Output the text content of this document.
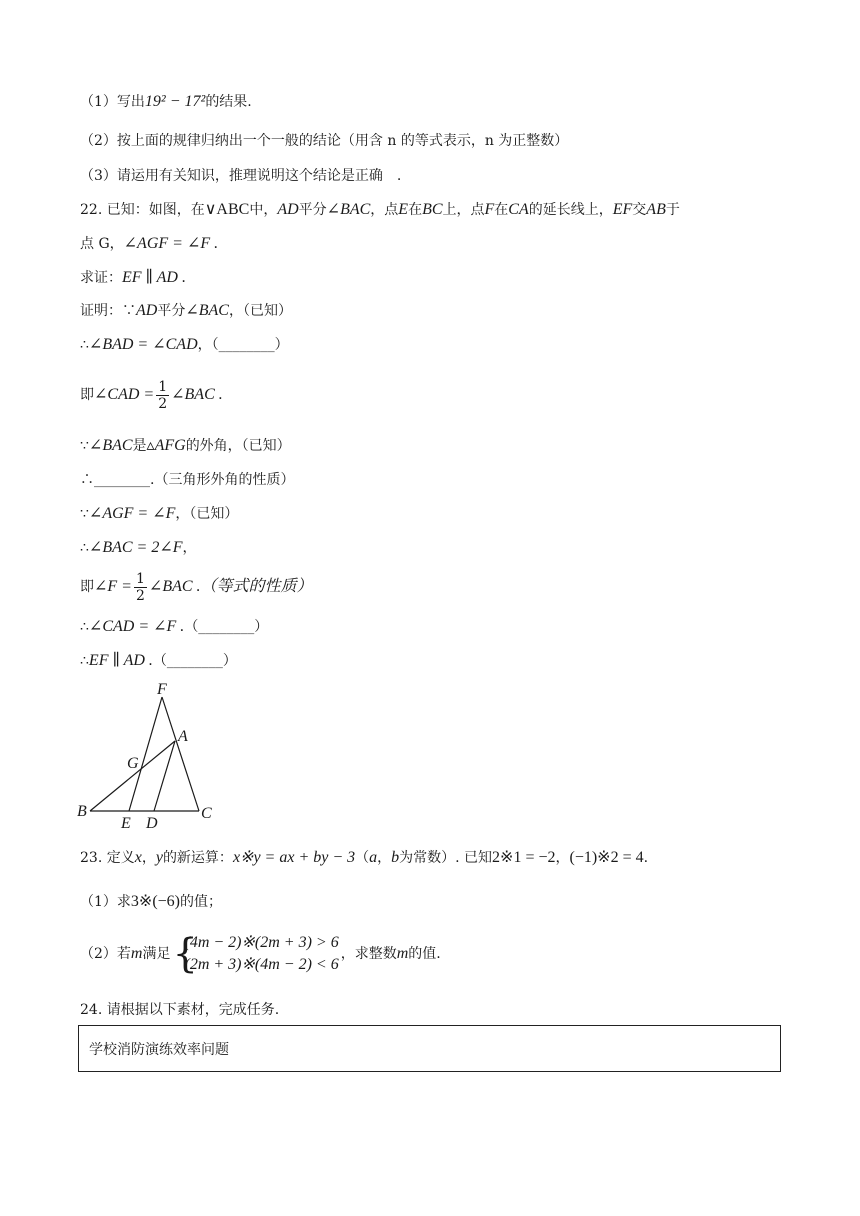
（1）写出19² − 17²的结果.
（2）按上面的规律归纳出一个一般的结论（用含 n 的等式表示，n 为正整数）
（3）请运用有关知识，推理说明这个结论是正确　.
22. 已知：如图，在∨ABC中，AD平分∠BAC，点E在BC上，点F在CA的延长线上，EF交AB于
点 G，∠AGF = ∠F .
求证：EF ∥ AD .
证明：∵AD平分∠BAC，（已知）
∴∠BAD = ∠CAD，（________）
即∠CAD = $\frac{1}{2}$ ∠BAC .
∵∠BAC是▵AFG的外角，（已知）
∴________.（三角形外角的性质）
∵∠AGF = ∠F，（已知）
∴∠BAC = 2∠F，
即∠F = $\frac{1}{2}$ ∠BAC .（等式的性质）
∴∠CAD = ∠F .（________）
∴EF ∥ AD .（________）
F
A
G
B
E D
C
23. 定义x，y的新运算：x※y = ax + by − 3（a，b为常数）. 已知2※1 = −2，(−1)※2 = 4.
（1）求3※(−6)的值；
（2）若m满足 {
(4m − 2)※(2m + 3) > 6
(2m + 3)※(4m − 2) < 6
，求整数m的值.
24. 请根据以下素材，完成任务.
学校消防演练效率问题
